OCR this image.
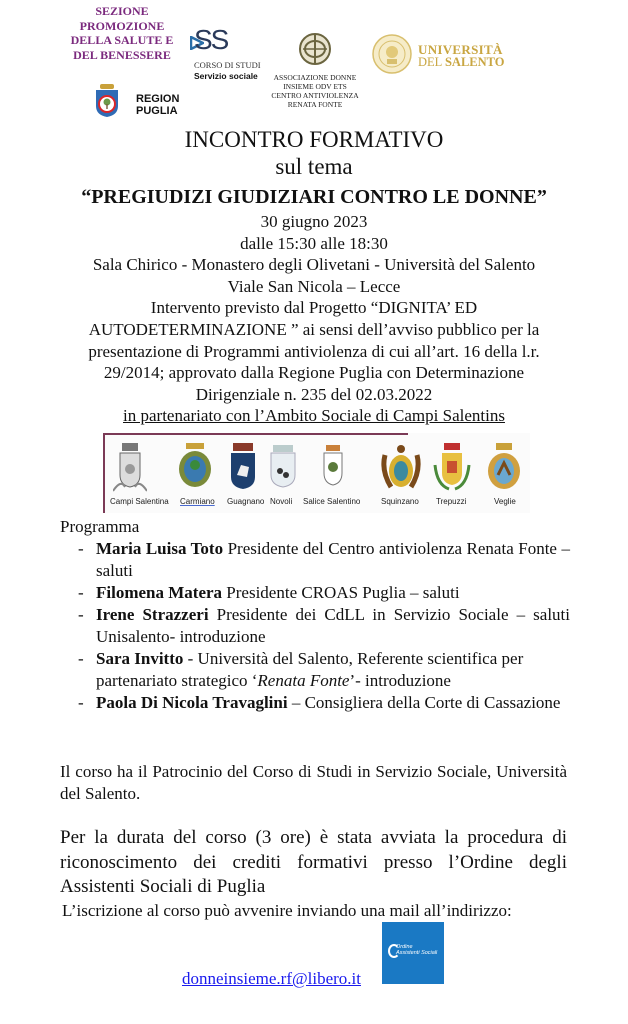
SEZIONE
PROMOZIONE
DELLA SALUTE E
DEL BENESSERE
REGION
PUGLIA
SS
CORSO DI STUDI
Servizio sociale	ASSOCIAZIONE DONNE
INSIEME ODV ETS
CENTRO ANTIVIOLENZA
RENATA FONTE
UNIVERSITÀ
DEL SALENTO
INCONTRO FORMATIVO
sul tema
“PREGIUDIZI GIUDIZIARI CONTRO LE DONNE”
30 giugno 2023
dalle 15:30 alle 18:30
Sala Chirico - Monastero degli Olivetani - Università del Salento
Viale San Nicola – Lecce
Intervento previsto dal Progetto “DIGNITA’ ED
AUTODETERMINAZIONE ” ai sensi dell’avviso pubblico per la
presentazione di Programmi antiviolenza di cui all’art. 16 della l.r.
29/2014; approvato dalla Regione Puglia con Determinazione
Dirigenziale n. 235 del 02.03.2022
in partenariato con l’Ambito Sociale di Campi Salentins
Campi Salentina Carmiano Guagnano Novoli Salice Salentino	Squinzano Trepuzzi	Veglie
Programma
- Maria Luisa Toto Presidente del Centro antiviolenza Renata Fonte – saluti
- Filomena Matera Presidente CROAS Puglia – saluti
- Irene Strazzeri Presidente dei CdLL in Servizio Sociale – saluti Unisalento- introduzione
- Sara Invitto - Università del Salento, Referente scientifica per partenariato strategico ‘Renata Fonte’- introduzione
- Paola Di Nicola Travaglini – Consigliera della Corte di Cassazione
Il corso ha il Patrocinio del Corso di Studi in Servizio Sociale, Università del Salento.
Per la durata del corso (3 ore) è stata avviata la procedura di riconoscimento dei crediti formativi presso l’Ordine degli Assistenti Sociali di Puglia
L’iscrizione al corso può avvenire inviando una mail all’indirizzo:
Ordine
Assistenti Sociali
donneinsieme.rf@libero.it
